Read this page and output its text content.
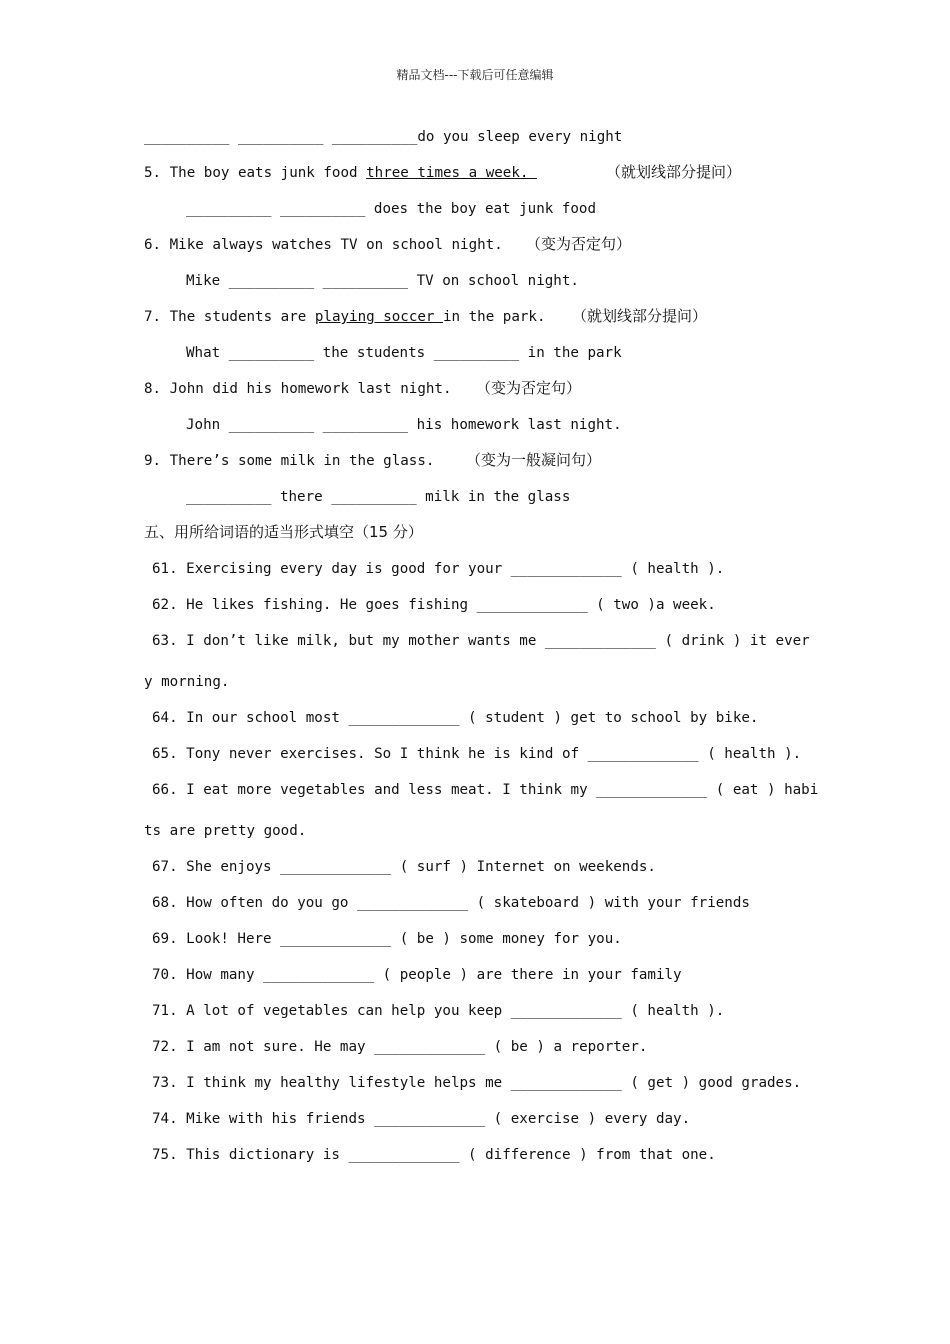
精品文档---下载后可任意编辑
__________ __________ __________do you sleep every night
5. The boy eats junk food three times a week.	（就划线部分提问）
__________ __________ does the boy eat junk food
6. Mike always watches TV on school night. （变为否定句）
Mike __________ __________ TV on school night.
7. The students are playing soccer in the park. （就划线部分提问）
What __________ the students __________ in the park
8. John did his homework last night. （变为否定句）
John __________ __________ his homework last night.
9. There’s some milk in the glass. （变为一般凝问句）
__________ there __________ milk in the glass
五、用所给词语的适当形式填空（15 分）
61. Exercising every day is good for your _____________ ( health ).
62. He likes fishing. He goes fishing _____________ ( two )a week.
63. I don’t like milk, but my mother wants me _____________ ( drink ) it ever
y morning.
64. In our school most _____________ ( student ) get to school by bike.
65. Tony never exercises. So I think he is kind of _____________ ( health ).
66. I eat more vegetables and less meat. I think my _____________ ( eat ) habi
ts are pretty good.
67. She enjoys _____________ ( surf ) Internet on weekends.
68. How often do you go _____________ ( skateboard ) with your friends
69. Look! Here _____________ ( be ) some money for you.
70. How many _____________ ( people ) are there in your family
71. A lot of vegetables can help you keep _____________ ( health ).
72. I am not sure. He may _____________ ( be ) a reporter.
73. I think my healthy lifestyle helps me _____________ ( get ) good grades.
74. Mike with his friends _____________ ( exercise ) every day.
75. This dictionary is _____________ ( difference ) from that one.
